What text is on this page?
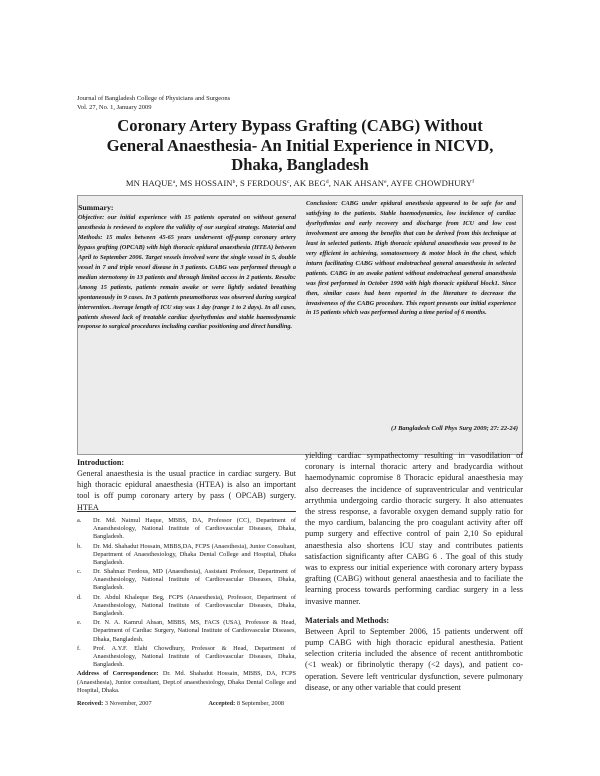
Journal of Bangladesh College of Physicians and Surgeons
Vol. 27, No. 1, January 2009
Coronary Artery Bypass Grafting (CABG) Without
General Anaesthesia- An Initial Experience in NICVD,
Dhaka, Bangladesh
MN HAQUE$^a$, MS HOSSAIN$^b$, S FERDOUS$^c$, AK BEG$^d$, NAK AHSAN$^e$, AYFE CHOWDHURY$^f$
Summary:
Objective: our initial experience with 15 patients operated on without general anesthesia is reviewed to explore the validity of our surgical strategy. Material and Methods: 15 males between 45-65 years underwent off-pump coronary artery bypass grafting (OPCAB) with high thoracic epidural anaesthesia (HTEA) between April to September 2006. Target vessels involved were the single vessel in 5, double vessel in 7 and triple vessel disease in 3 patients. CABG was performed through a median sternotomy in 13 patients and through limited access in 2 patients. Results: Among 15 patients, patients remain awake or were lightly sedated breathing spontaneously in 9 cases. In 3 patients pneumothorax was observed during surgical intervention. Average length of ICU stay was 1 day (range 1 to 2 days). In all cases, patients showed lack of treatable cardiac dysrhythmias and stable haemodynamic response to surgical procedures including cardiac positioning and direct handling.
Conclusion: CABG under epidural anesthesia appeared to be safe for and satisfying to the patients. Stable haemodynamics, low incidence of cardiac dysrhythmias and early recovery and discharge from ICU and low cost involvement are among the benefits that can be derived from this technique at least in selected patients. High thoracic epidural anaesthesia was proved to be very efficient in achieving, somatosensory & motor block in the chest, which inturn facilitating CABG without endotracheal general anaesthesia in selected patients. CABG in an awake patient without endotracheal general anaesthesia was first performed in October 1998 with high thoracic epidural block1. Since then, similar cases had been reported in the literature to decrease the invasiveness of the CABG procedure. This report presents our initial experience in 15 patients which was performed during a time period of 6 months.
(J Bangladesh Coll Phys Surg 2009; 27: 22-24)
Introduction:
General anaesthesia is the usual practice in cardiac surgery. But high thoracic epidural anaesthesia (HTEA) is also an important tool is off pump coronary artery by pass ( OPCAB) surgery. HTEA
a.	Dr. Md. Naimul Haque, MBBS, DA, Professor (CC), Department of Anaesthesiology, National Institute of Cardiovascular Diseases, Dhaka, Bangladesh.
b.	Dr. Md. Shahadut Hossain, MBBS,DA, FCPS (Anaesthesia), Junior Consultant, Department of Anaesthesiology, Dhaka Dental College and Hospital, Dhaka Bangladesh.
c.	Dr. Shahnaz Ferdous, MD (Anaesthesia), Assistant Professor, Department of Anaesthesiology, National Institute of Cardiovascular Diseases, Dhaka, Bangladesh.
d.	Dr. Abdul Khaleque Beg, FCPS (Anaesthesia), Professor, Department of Anaesthesiology, National Institute of Cardiovascular Diseases, Dhaka, Bangladesh.
e.	Dr. N. A. Kamrul Ahsan, MBBS, MS, FACS (USA), Professor & Head, Department of Cardiac Surgery, National Institute of Cardiovascular Diseases, Dhaka, Bangladesh.
f.	Prof. A.Y.F. Elahi Chowdhury, Professor & Head, Department of Anaesthesiology, National Institute of Cardiovascular Diseases, Dhaka, Bangladesh.
Address of Correspondence: Dr. Md. Shahadut Hossain, MBBS, DA, FCPS (Anaesthesia), Junior consultant, Dept.of anaesthesiology, Dhaka Dental College and Hospital, Dhaka.
Received: 3 November, 2007	Accepted: 8 September, 2008
yielding cardiac sympathectomy resulting in vasodilation of coronary is internal thoracic artery and bradycardia without haemodynamic copromise 8 Thoracic epidural anaesthesia may also decreases the incidence of supraventricular and ventricular arrythmia undergoing cardio thoracic surgery. It also attenuates the stress response, a favorable oxygen demand supply ratio for the myo cardium, balancing the pro coagulant activity after off pump surgery and effective control of pain 2,10 So epidural anaesthesia also shortens ICU stay and contributes patients satisfaction significanty after CABG 6 . The goal of this study was to express our initial experience with coronary artery bypass grafting (CABG) without general anaesthesia and to faciliate the learning process towards performing cardiac surgery in a less invasive manner.
Materials and Methods:
Between April to September 2006, 15 patients underwent off pump CABG with high thoracic epidural anesthesia. Patient selection criteria included the absence of recent antithrombotic (<1 weak) or fibrinolytic therapy (<2 days), and patient co-operation. Severe left ventricular dysfunction, severe pulmonary disease, or any other variable that could present
